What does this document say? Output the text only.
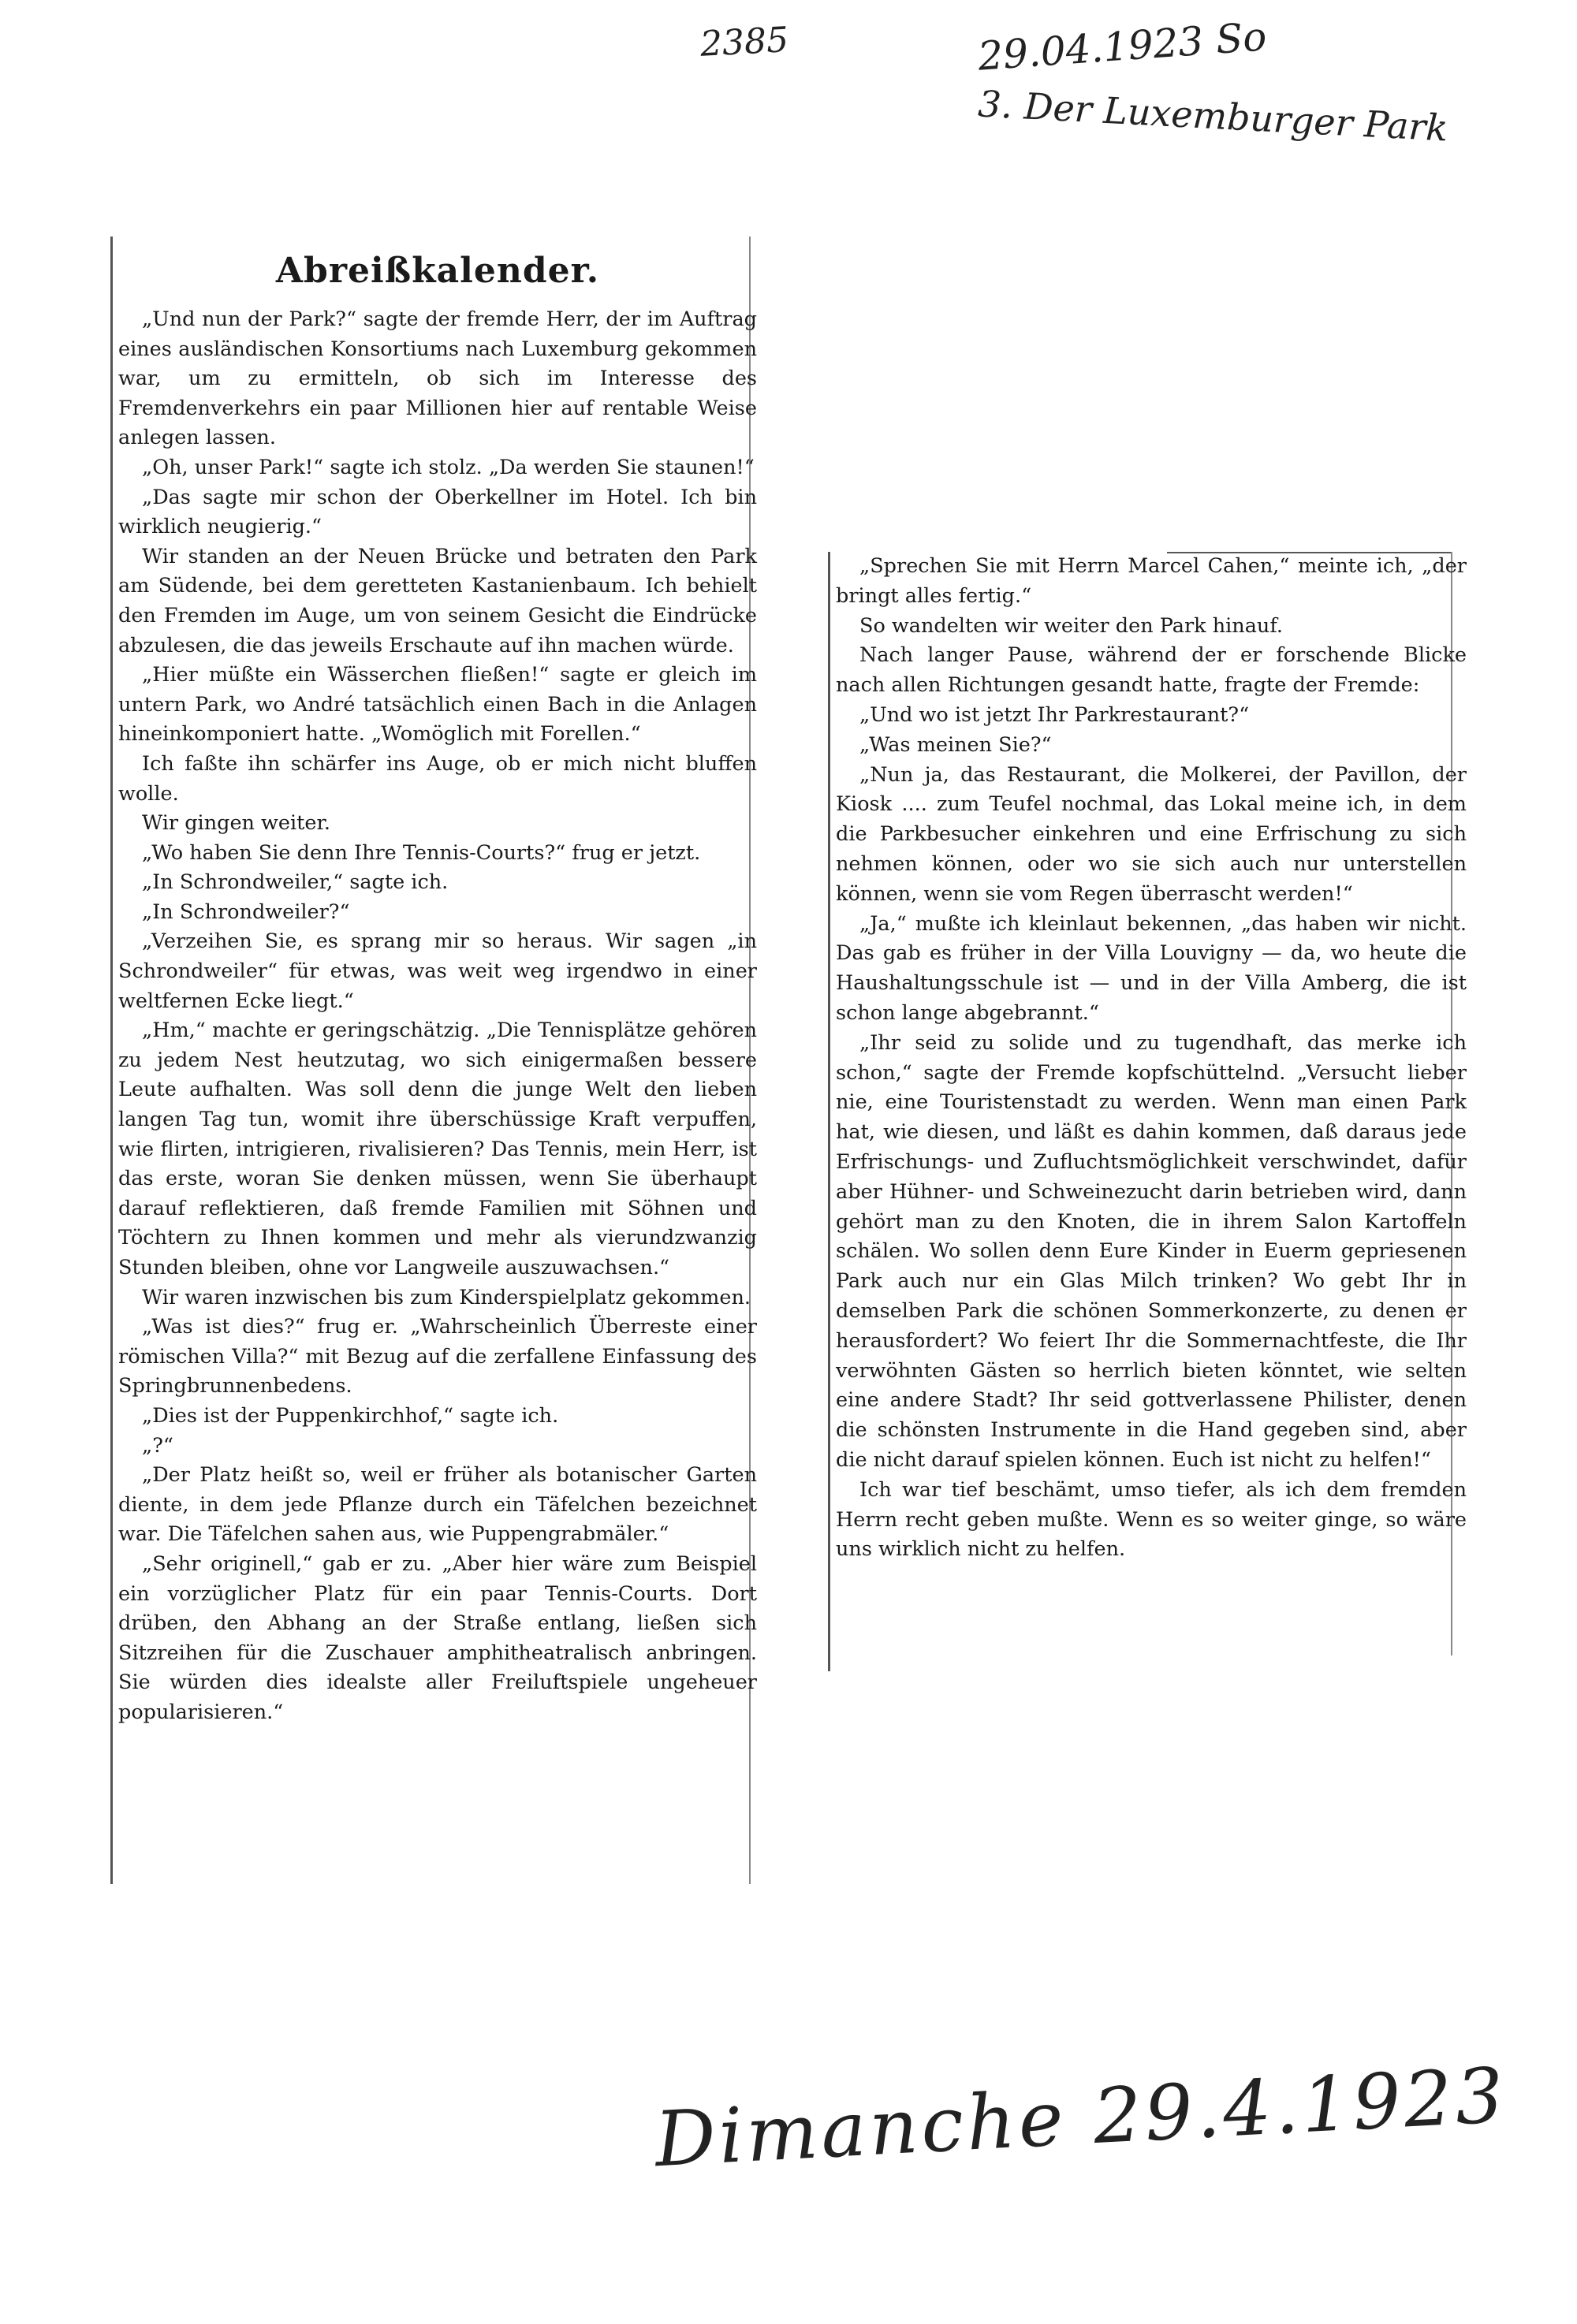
2385	29.04.1923 So
3. Der Luxemburger Park
Abreißkalender.

„Und nun der Park?“ sagte der fremde Herr, der im Auftrag eines ausländischen Konsortiums nach Luxemburg gekommen war, um zu ermitteln, ob sich im Interesse des Fremdenverkehrs ein paar Millionen hier auf rentable Weise anlegen lassen.

„Oh, unser Park!“ sagte ich stolz. „Da werden Sie staunen!“

„Das sagte mir schon der Oberkellner im Hotel. Ich bin wirklich neugierig.“

Wir standen an der Neuen Brücke und betraten den Park am Südende, bei dem geretteten Kastanienbaum. Ich behielt den Fremden im Auge, um von seinem Gesicht die Eindrücke abzulesen, die das jeweils Erschaute auf ihn machen würde.

„Hier müßte ein Wässerchen fließen!“ sagte er gleich im untern Park, wo André tatsächlich einen Bach in die Anlagen hineinkomponiert hatte. „Womöglich mit Forellen.“

Ich faßte ihn schärfer ins Auge, ob er mich nicht bluffen wolle.

Wir gingen weiter.

„Wo haben Sie denn Ihre Tennis-Courts?“ frug er jetzt.

„In Schrondweiler,“ sagte ich.

„In Schrondweiler?“

„Verzeihen Sie, es sprang mir so heraus. Wir sagen „in Schrondweiler“ für etwas, was weit weg irgendwo in einer weltfernen Ecke liegt.“

„Hm,“ machte er geringschätzig. „Die Tennisplätze gehören zu jedem Nest heutzutag, wo sich einigermaßen bessere Leute aufhalten. Was soll denn die junge Welt den lieben langen Tag tun, womit ihre überschüssige Kraft verpuffen, wie flirten, intrigieren, rivalisieren? Das Tennis, mein Herr, ist das erste, woran Sie denken müssen, wenn Sie überhaupt darauf reflektieren, daß fremde Familien mit Söhnen und Töchtern zu Ihnen kommen und mehr als vierundzwanzig Stunden bleiben, ohne vor Langweile auszuwachsen.“

Wir waren inzwischen bis zum Kinderspielplatz gekommen.

„Was ist dies?“ frug er. „Wahrscheinlich Überreste einer römischen Villa?“ mit Bezug auf die zerfallene Einfassung des Springbrunnenbedens.

„Dies ist der Puppenkirchhof,“ sagte ich.

„?“

„Der Platz heißt so, weil er früher als botanischer Garten diente, in dem jede Pflanze durch ein Täfelchen bezeichnet war. Die Täfelchen sahen aus, wie Puppengrabmäler.“

„Sehr originell,“ gab er zu. „Aber hier wäre zum Beispiel ein vorzüglicher Platz für ein paar Tennis-Courts. Dort drüben, den Abhang an der Straße entlang, ließen sich Sitzreihen für die Zuschauer amphitheatralisch anbringen. Sie würden dies idealste aller Freiluftspiele ungeheuer popularisieren.“

„Sprechen Sie mit Herrn Marcel Cahen,“ meinte ich, „der bringt alles fertig.“

So wandelten wir weiter den Park hinauf.

Nach langer Pause, während der er forschende Blicke nach allen Richtungen gesandt hatte, fragte der Fremde:

„Und wo ist jetzt Ihr Parkrestaurant?“

„Was meinen Sie?“

„Nun ja, das Restaurant, die Molkerei, der Pavillon, der Kiosk .... zum Teufel nochmal, das Lokal meine ich, in dem die Parkbesucher einkehren und eine Erfrischung zu sich nehmen können, oder wo sie sich auch nur unterstellen können, wenn sie vom Regen überrascht werden!“

„Ja,“ mußte ich kleinlaut bekennen, „das haben wir nicht. Das gab es früher in der Villa Louvigny — da, wo heute die Haushaltungsschule ist — und in der Villa Amberg, die ist schon lange abgebrannt.“

„Ihr seid zu solide und zu tugendhaft, das merke ich schon,“ sagte der Fremde kopfschüttelnd. „Versucht lieber nie, eine Touristenstadt zu werden. Wenn man einen Park hat, wie diesen, und läßt es dahin kommen, daß daraus jede Erfrischungs- und Zufluchtsmöglichkeit verschwindet, dafür aber Hühner- und Schweinezucht darin betrieben wird, dann gehört man zu den Knoten, die in ihrem Salon Kartoffeln schälen. Wo sollen denn Eure Kinder in Euerm gepriesenen Park auch nur ein Glas Milch trinken? Wo gebt Ihr in demselben Park die schönen Sommerkonzerte, zu denen er herausfordert? Wo feiert Ihr die Sommernachtfeste, die Ihr verwöhnten Gästen so herrlich bieten könntet, wie selten eine andere Stadt? Ihr seid gottverlassene Philister, denen die schönsten Instrumente in die Hand gegeben sind, aber die nicht darauf spielen können. Euch ist nicht zu helfen!“

Ich war tief beschämt, umso tiefer, als ich dem fremden Herrn recht geben mußte. Wenn es so weiter ginge, so wäre uns wirklich nicht zu helfen.

Dimanche 29.4.1923
